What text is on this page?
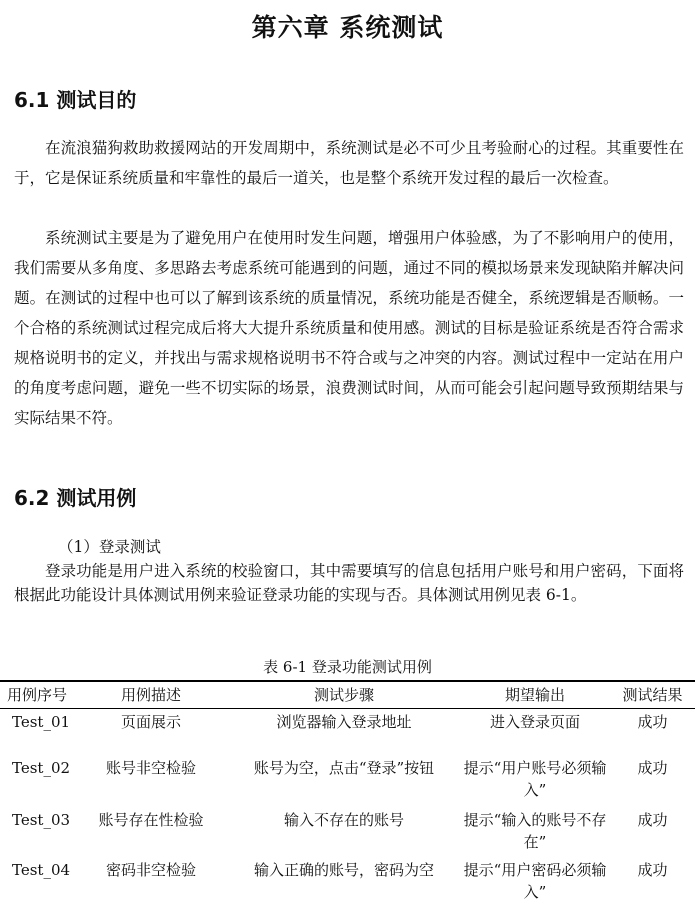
第六章 系统测试
6.1 测试目的

在流浪猫狗救助救援网站的开发周期中，系统测试是必不可少且考验耐心的过程。其重要性在于，它是保证系统质量和牢靠性的最后一道关，也是整个系统开发过程的最后一次检查。

系统测试主要是为了避免用户在使用时发生问题，增强用户体验感，为了不影响用户的使用，我们需要从多角度、多思路去考虑系统可能遇到的问题，通过不同的模拟场景来发现缺陷并解决问题。在测试的过程中也可以了解到该系统的质量情况，系统功能是否健全，系统逻辑是否顺畅。一个合格的系统测试过程完成后将大大提升系统质量和使用感。测试的目标是验证系统是否符合需求规格说明书的定义，并找出与需求规格说明书不符合或与之冲突的内容。测试过程中一定站在用户的角度考虑问题，避免一些不切实际的场景，浪费测试时间，从而可能会引起问题导致预期结果与实际结果不符。

6.2 测试用例
（1）登录测试

登录功能是用户进入系统的校验窗口，其中需要填写的信息包括用户账号和用户密码，下面将根据此功能设计具体测试用例来验证登录功能的实现与否。具体测试用例见表 6-1。

表 6-1 登录功能测试用例
用例序号	用例描述	测试步骤	期望输出	测试结果
Test_01	页面展示	浏览器输入登录地址	进入登录页面	成功
Test_02	账号非空检验	账号为空，点击“登录”按钮	提示“用户账号必须输入”	成功
Test_03	账号存在性检验	输入不存在的账号	提示“输入的账号不存在”	成功
Test_04	密码非空检验	输入正确的账号，密码为空	提示“用户密码必须输入”	成功
